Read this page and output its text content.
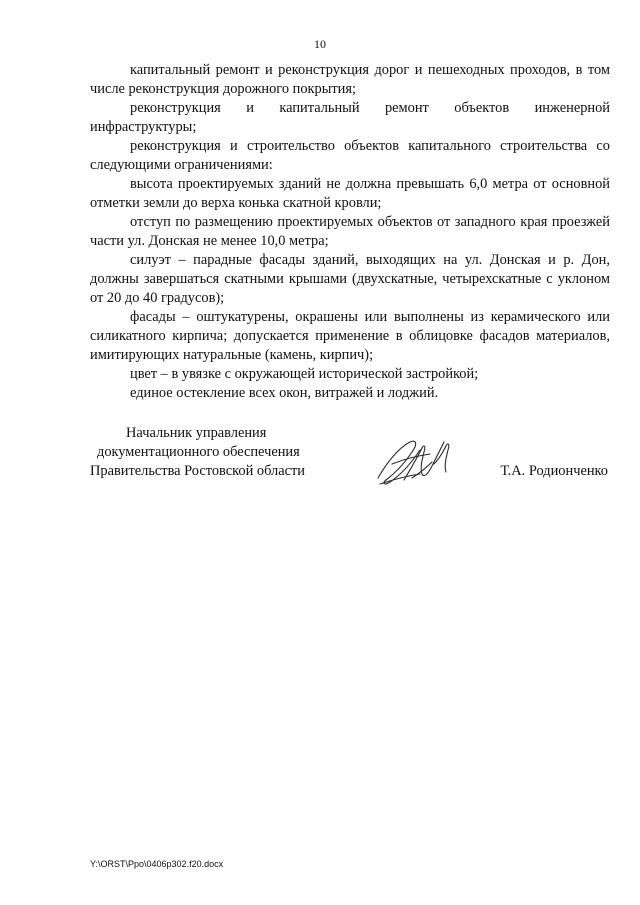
10

капитальный ремонт и реконструкция дорог и пешеходных проходов, в том числе реконструкция дорожного покрытия;

реконструкция и капитальный ремонт объектов инженерной инфраструктуры;

реконструкция и строительство объектов капитального строительства со следующими ограничениями:

высота проектируемых зданий не должна превышать 6,0 метра от основной отметки земли до верха конька скатной кровли;

отступ по размещению проектируемых объектов от западного края проезжей части ул. Донская не менее 10,0 метра;

силуэт – парадные фасады зданий, выходящих на ул. Донская и р. Дон, должны завершаться скатными крышами (двухскатные, четырехскатные с уклоном от 20 до 40 градусов);

фасады – оштукатурены, окрашены или выполнены из керамического или силикатного кирпича; допускается применение в облицовке фасадов материалов, имитирующих натуральные (камень, кирпич);

цвет – в увязке с окружающей исторической застройкой;

единое остекление всех окон, витражей и лоджий.

Начальник управления
документационного обеспечения
Правительства Ростовской области	Т.А. Родионченко
Y:\ORST\Ppo\0406p302.f20.docx
